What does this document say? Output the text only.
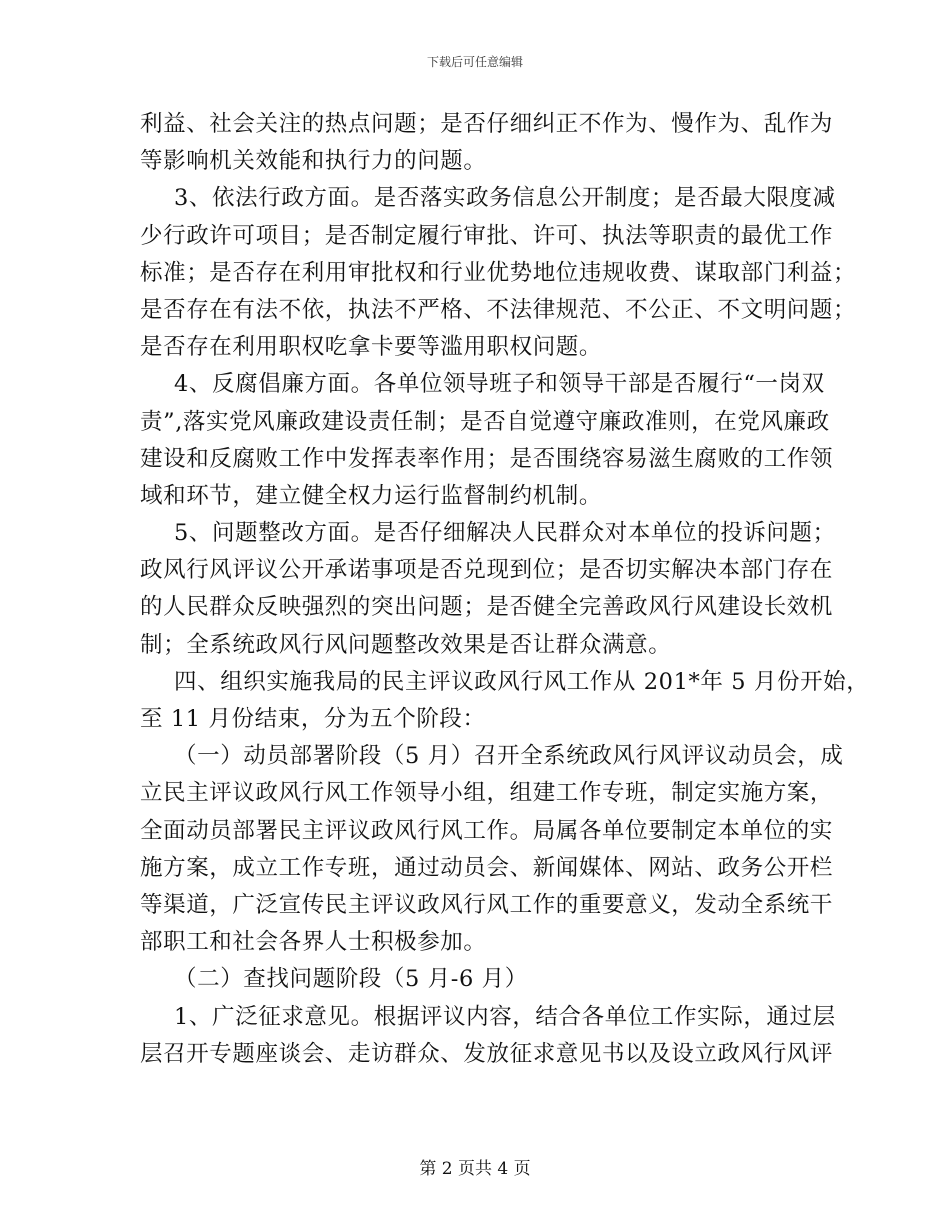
下载后可任意编辑
利益、社会关注的热点问题；是否仔细纠正不作为、慢作为、乱作为
等影响机关效能和执行力的问题。
3、依法行政方面。是否落实政务信息公开制度；是否最大限度减
少行政许可项目；是否制定履行审批、许可、执法等职责的最优工作
标准；是否存在利用审批权和行业优势地位违规收费、谋取部门利益；
是否存在有法不依，执法不严格、不法律规范、不公正、不文明问题；
是否存在利用职权吃拿卡要等滥用职权问题。
4、反腐倡廉方面。各单位领导班子和领导干部是否履行“一岗双
责”,落实党风廉政建设责任制；是否自觉遵守廉政准则，在党风廉政
建设和反腐败工作中发挥表率作用；是否围绕容易滋生腐败的工作领
域和环节，建立健全权力运行监督制约机制。
5、问题整改方面。是否仔细解决人民群众对本单位的投诉问题；
政风行风评议公开承诺事项是否兑现到位；是否切实解决本部门存在
的人民群众反映强烈的突出问题；是否健全完善政风行风建设长效机
制；全系统政风行风问题整改效果是否让群众满意。
四、组织实施我局的民主评议政风行风工作从 201*年 5 月份开始，
至 11 月份结束，分为五个阶段：
（一）动员部署阶段（5 月）召开全系统政风行风评议动员会，成
立民主评议政风行风工作领导小组，组建工作专班，制定实施方案，
全面动员部署民主评议政风行风工作。局属各单位要制定本单位的实
施方案，成立工作专班，通过动员会、新闻媒体、网站、政务公开栏
等渠道，广泛宣传民主评议政风行风工作的重要意义，发动全系统干
部职工和社会各界人士积极参加。
（二）查找问题阶段（5 月-6 月）
1、广泛征求意见。根据评议内容，结合各单位工作实际，通过层
层召开专题座谈会、走访群众、发放征求意见书以及设立政风行风评
第 2 页共 4 页
